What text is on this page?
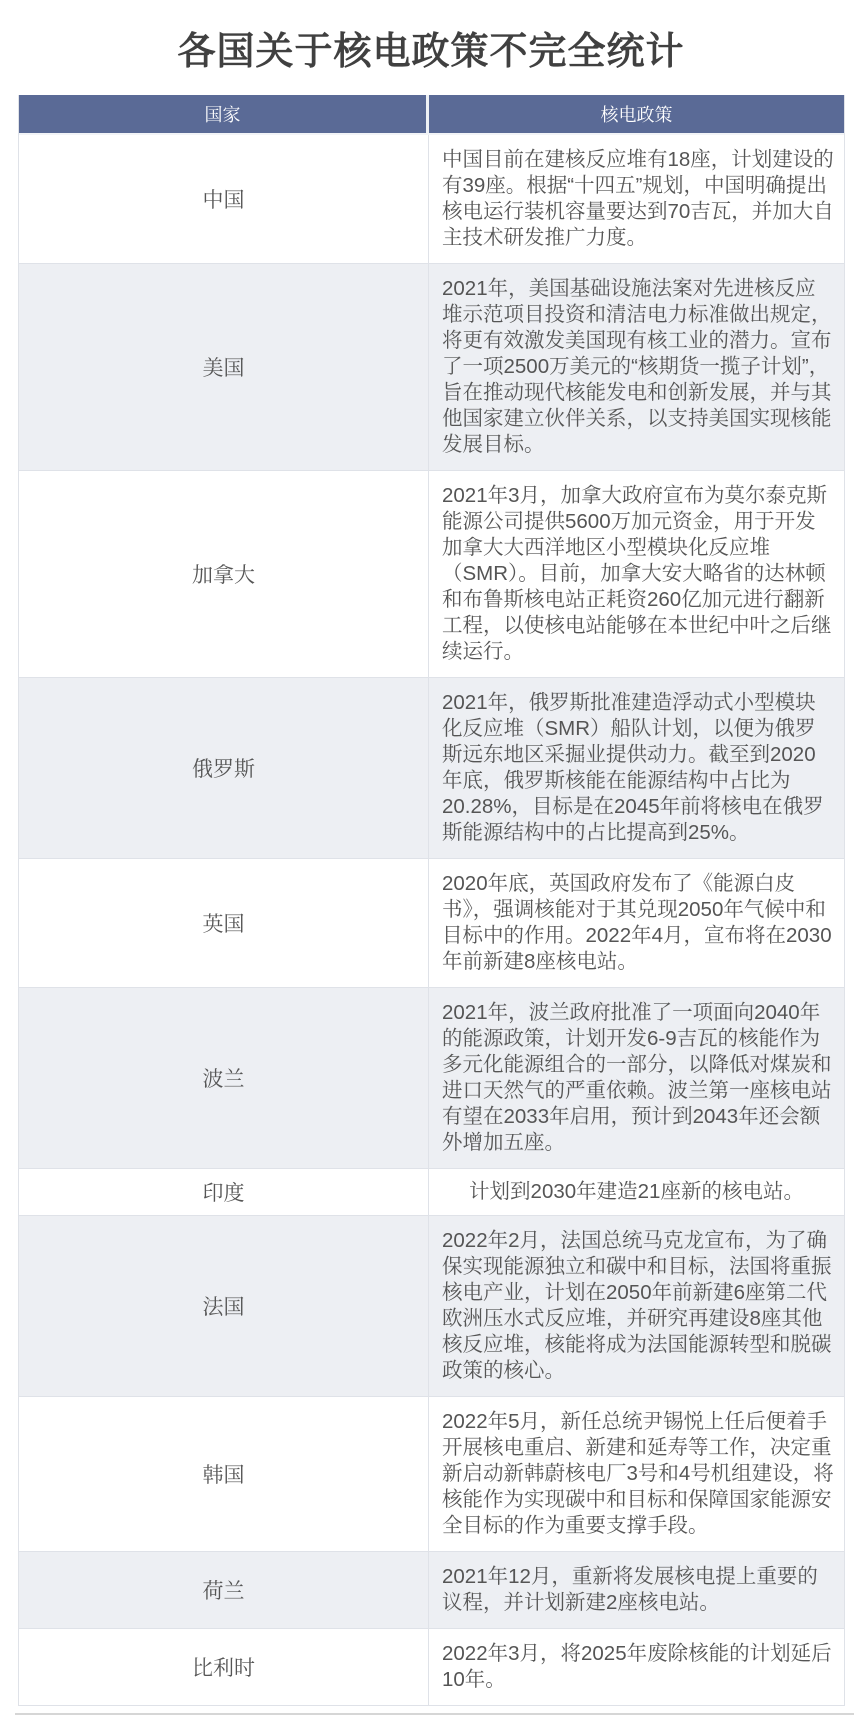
各国关于核电政策不完全统计
国家	核电政策
中国
中国目前在建核反应堆有18座，计划建设的有39座。根据“十四五”规划，中国明确提出核电运行装机容量要达到70吉瓦，并加大自主技术研发推广力度。
美国
2021年，美国基础设施法案对先进核反应堆示范项目投资和清洁电力标准做出规定，将更有效激发美国现有核工业的潜力。宣布了一项2500万美元的“核期货一揽子计划”，旨在推动现代核能发电和创新发展，并与其他国家建立伙伴关系，以支持美国实现核能发展目标。
加拿大
2021年3月，加拿大政府宣布为莫尔泰克斯能源公司提供5600万加元资金，用于开发加拿大大西洋地区小型模块化反应堆（SMR）。目前，加拿大安大略省的达林顿和布鲁斯核电站正耗资260亿加元进行翻新工程，以使核电站能够在本世纪中叶之后继续运行。
俄罗斯
2021年，俄罗斯批准建造浮动式小型模块化反应堆（SMR）船队计划，以便为俄罗斯远东地区采掘业提供动力。截至到2020年底，俄罗斯核能在能源结构中占比为20.28%，目标是在2045年前将核电在俄罗斯能源结构中的占比提高到25%。
英国
2020年底，英国政府发布了《能源白皮书》，强调核能对于其兑现2050年气候中和目标中的作用。2022年4月，宣布将在2030年前新建8座核电站。
波兰
2021年，波兰政府批准了一项面向2040年的能源政策，计划开发6-9吉瓦的核能作为多元化能源组合的一部分，以降低对煤炭和进口天然气的严重依赖。波兰第一座核电站有望在2033年启用，预计到2043年还会额外增加五座。
印度	计划到2030年建造21座新的核电站。
法国
2022年2月，法国总统马克龙宣布，为了确保实现能源独立和碳中和目标，法国将重振核电产业，计划在2050年前新建6座第二代欧洲压水式反应堆，并研究再建设8座其他核反应堆，核能将成为法国能源转型和脱碳政策的核心。
韩国
2022年5月，新任总统尹锡悦上任后便着手开展核电重启、新建和延寿等工作，决定重新启动新韩蔚核电厂3号和4号机组建设，将核能作为实现碳中和目标和保障国家能源安全目标的作为重要支撑手段。
荷兰
2021年12月，重新将发展核电提上重要的议程，并计划新建2座核电站。
比利时
2022年3月，将2025年废除核能的计划延后10年。
